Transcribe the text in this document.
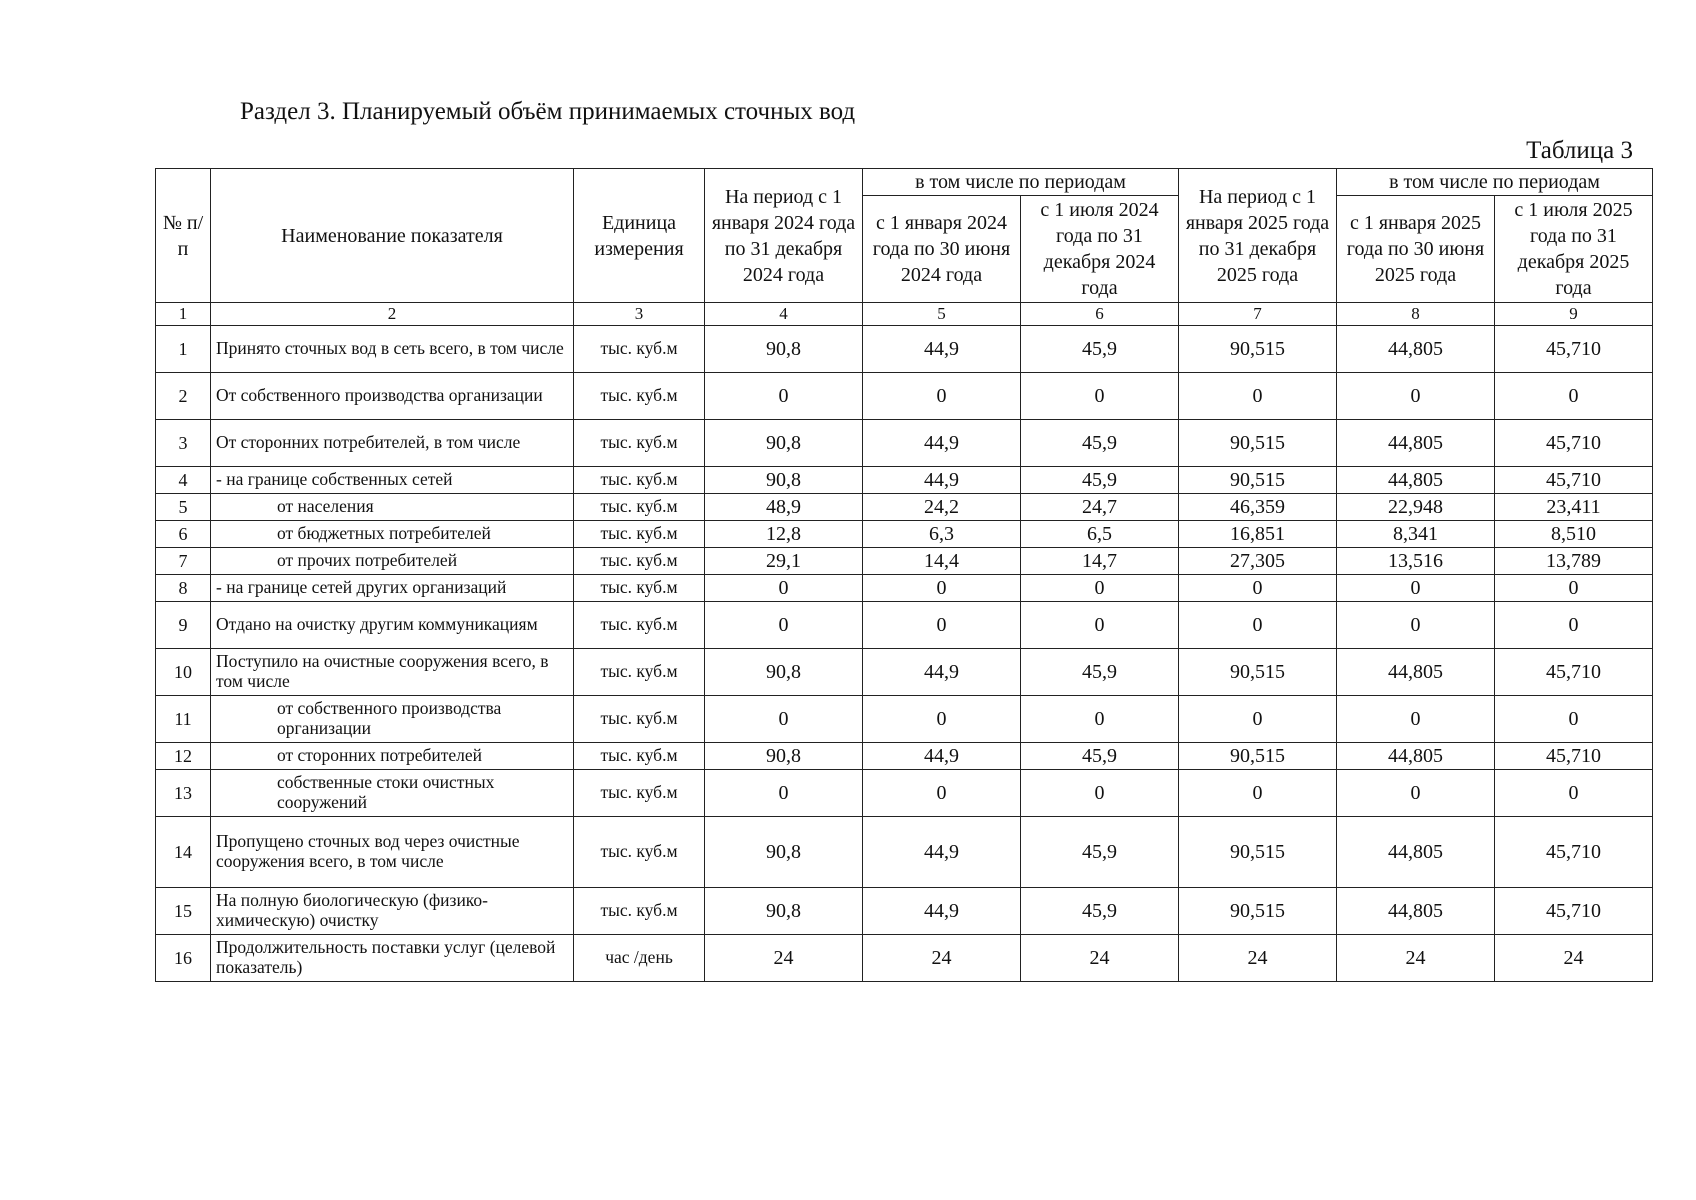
Раздел 3. Планируемый объём принимаемых сточных вод
Таблица 3
№ п/п	Наименование показателя	Единица измерения	На период с 1 января 2024 года по 31 декабря 2024 года	в том числе по периодам		На период с 1 января 2025 года по 31 декабря 2025 года	в том числе по периодам	
				с 1 января 2024 года по 30 июня 2024 года	с 1 июля 2024 года по 31 декабря 2024 года		с 1 января 2025 года по 30 июня 2025 года	с 1 июля 2025 года по 31 декабря 2025 года
1	2	3	4	5	6	7	8	9
1	Принято сточных вод в сеть всего, в том числе	тыс. куб.м	90,8	44,9	45,9	90,515	44,805	45,710
2	От собственного производства организации	тыс. куб.м	0	0	0	0	0	0
3	От сторонних потребителей, в том числе	тыс. куб.м	90,8	44,9	45,9	90,515	44,805	45,710
4	- на границе собственных сетей	тыс. куб.м	90,8	44,9	45,9	90,515	44,805	45,710
5	от населения	тыс. куб.м	48,9	24,2	24,7	46,359	22,948	23,411
6	от бюджетных потребителей	тыс. куб.м	12,8	6,3	6,5	16,851	8,341	8,510
7	от прочих потребителей	тыс. куб.м	29,1	14,4	14,7	27,305	13,516	13,789
8	- на границе сетей других организаций	тыс. куб.м	0	0	0	0	0	0
9	Отдано на очистку другим коммуникациям	тыс. куб.м	0	0	0	0	0	0
10	Поступило на очистные сооружения всего, в том числе	тыс. куб.м	90,8	44,9	45,9	90,515	44,805	45,710
11	от собственного производства организации	тыс. куб.м	0	0	0	0	0	0
12	от сторонних потребителей	тыс. куб.м	90,8	44,9	45,9	90,515	44,805	45,710
13	собственные стоки очистных сооружений	тыс. куб.м	0	0	0	0	0	0
14	Пропущено сточных вод через очистные сооружения всего, в том числе	тыс. куб.м	90,8	44,9	45,9	90,515	44,805	45,710
15	На полную биологическую (физико-химическую) очистку	тыс. куб.м	90,8	44,9	45,9	90,515	44,805	45,710
16	Продолжительность поставки услуг (целевой показатель)	час /день	24	24	24	24	24	24
